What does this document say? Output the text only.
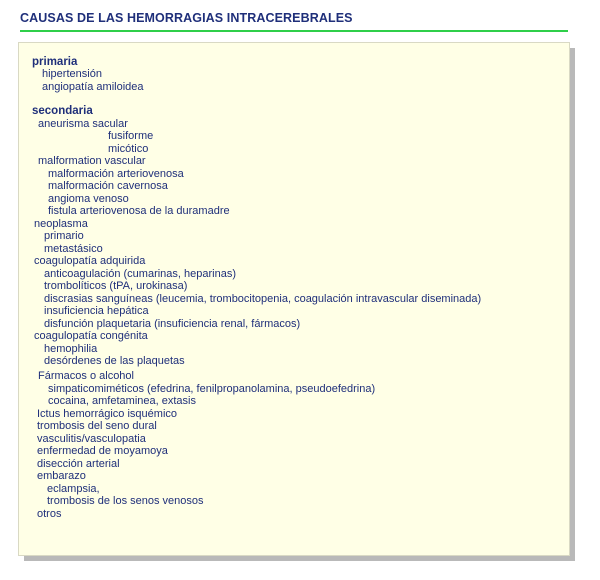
CAUSAS DE LAS HEMORRAGIAS INTRACEREBRALES
primaria
hipertensión
angiopatía amiloidea
secondaria
aneurisma sacular
fusiforme
micótico
malformation vascular
malformación arteriovenosa
malformación cavernosa
angioma venoso
fistula arteriovenosa de la duramadre
neoplasma
primario
metastásico
coagulopatía adquirida
anticoagulación (cumarinas, heparinas)
trombolíticos (tPA, urokinasa)
discrasias sanguíneas (leucemia, trombocitopenia, coagulación intravascular diseminada)
insuficiencia hepática
disfunción plaquetaria (insuficiencia renal, fármacos)
coagulopatía congénita
hemophilia
desórdenes de las plaquetas
Fármacos o alcohol
simpaticomiméticos (efedrina, fenilpropanolamina, pseudoefedrina)
cocaina, amfetaminea, extasis
Ictus hemorrágico isquémico
trombosis del seno dural
vasculitis/vasculopatia
enfermedad de moyamoya
disección arterial
embarazo
eclampsia,
trombosis de los senos venosos
otros
